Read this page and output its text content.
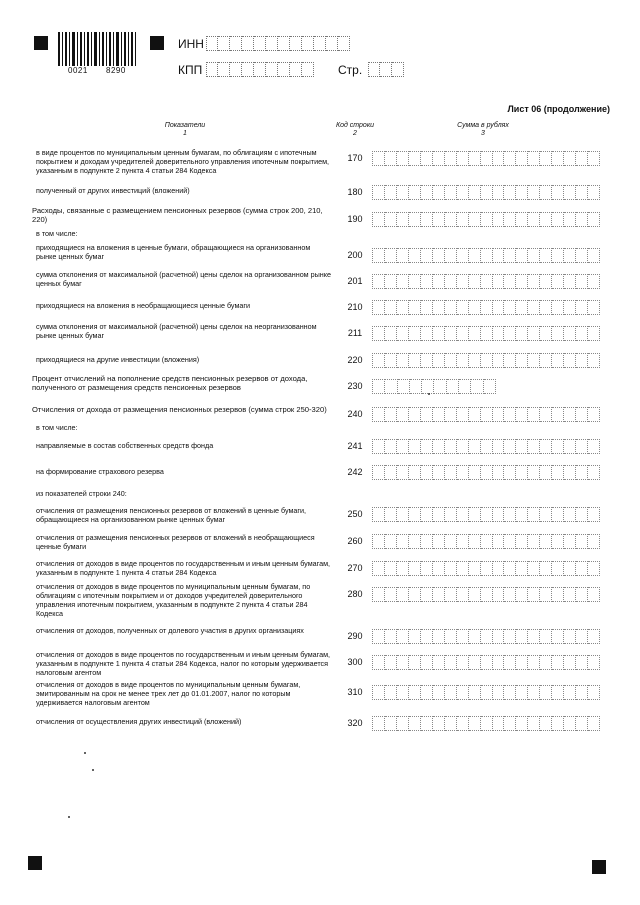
0021 8290
ИНН
КПП	Стр.
Лист 06 (продолжение)
Показатели
1
Код строки
2
Сумма в рублях
3
в виде процентов по муниципальным ценным бумагам, по облигациям с ипотечным покрытием и доходам учредителей доверительного управления ипотечным покрытием, указанным в подпункте 2 пункта 4 статьи 284 Кодекса
170
полученный от других инвестиций (вложений)	180
Расходы, связанные с размещением пенсионных резервов (сумма строк 200, 210, 220)	190
в том числе:
приходящиеся на вложения в ценные бумаги, обращающиеся на организованном рынке ценных бумаг	200
сумма отклонения от максимальной (расчетной) цены сделок на организованном рынке ценных бумаг	201
приходящиеся на вложения в необращающиеся ценные бумаги	210
сумма отклонения от максимальной (расчетной) цены сделок на неорганизованном рынке ценных бумаг	211
приходящиеся на другие инвестиции (вложения)	220
Процент отчислений на пополнение средств пенсионных резервов от дохода, полученного от размещения средств пенсионных резервов	230
Отчисления от дохода от размещения пенсионных резервов (сумма строк 250-320)	240
в том числе:
направляемые в состав собственных средств фонда	241
на формирование страхового резерва	242
из показателей строки 240:
отчисления от размещения пенсионных резервов от вложений в ценные бумаги, обращающиеся на организованном рынке ценных бумаг
250
отчисления от размещения пенсионных резервов от вложений в необращающиеся ценные бумаги
260
отчисления от доходов в виде процентов по государственным и иным ценным бумагам, указанным в подпункте 1 пункта 4 статьи 284 Кодекса	270
отчисления от доходов в виде процентов по муниципальным ценным бумагам, по облигациям с ипотечным покрытием и от доходов учредителей доверительного управления ипотечным покрытием, указанным в подпункте 2 пункта 4 статьи 284 Кодекса
280
отчисления от доходов, полученных от долевого участия в других организациях
290
отчисления от доходов в виде процентов по государственным и иным ценным бумагам, указанным в подпункте 1 пункта 4 статьи 284 Кодекса, налог по которым удерживается налоговым агентом
300
отчисления от доходов в виде процентов по муниципальным ценным бумагам, эмитированным на срок не менее трех лет до 01.01.2007, налог по которым удерживается налоговым агентом
310
отчисления от осуществления других инвестиций (вложений)	320
